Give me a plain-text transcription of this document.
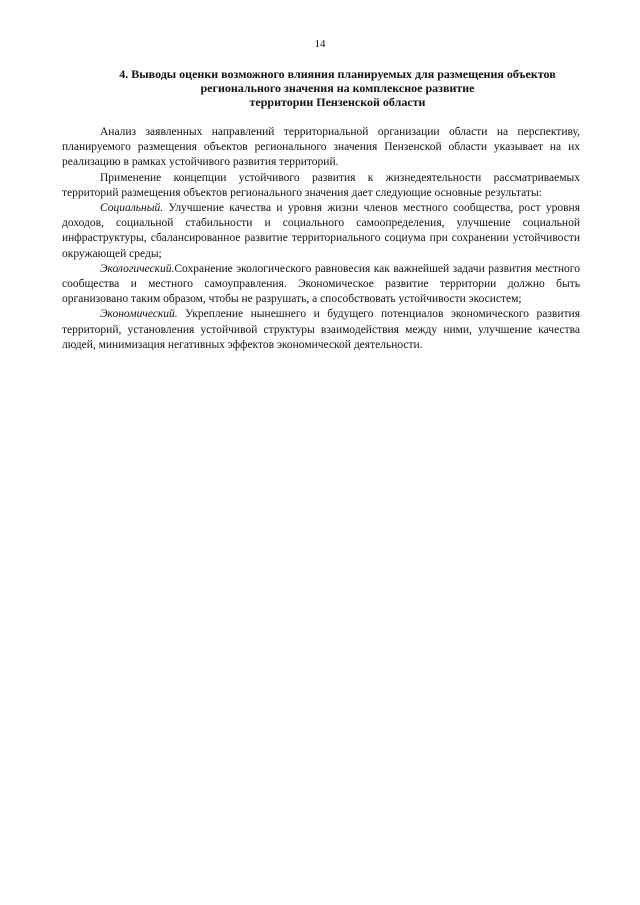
14
4. Выводы оценки возможного влияния планируемых для размещения объектов
регионального значения на комплексное развитие
территории Пензенской области

Анализ заявленных направлений территориальной организации области на перспективу, планируемого размещения объектов регионального значения Пензенской области указывает на их реализацию в рамках устойчивого развития территорий.

Применение концепции устойчивого развития к жизнедеятельности рассматриваемых территорий размещения объектов регионального значения дает следующие основные результаты:

Социальный. Улучшение качества и уровня жизни членов местного сообщества, рост уровня доходов, социальной стабильности и социального самоопределения, улучшение социальной инфраструктуры, сбалансированное развитие территориального социума при сохранении устойчивости окружающей среды;

Экологический.Сохранение экологического равновесия как важнейшей задачи развития местного сообщества и местного самоуправления. Экономическое развитие территории должно быть организовано таким образом, чтобы не разрушать, а способствовать устойчивости экосистем;

Экономический. Укрепление нынешнего и будущего потенциалов экономического развития территорий, установления устойчивой структуры взаимодействия между ними, улучшение качества людей, минимизация негативных эффектов экономической деятельности.
